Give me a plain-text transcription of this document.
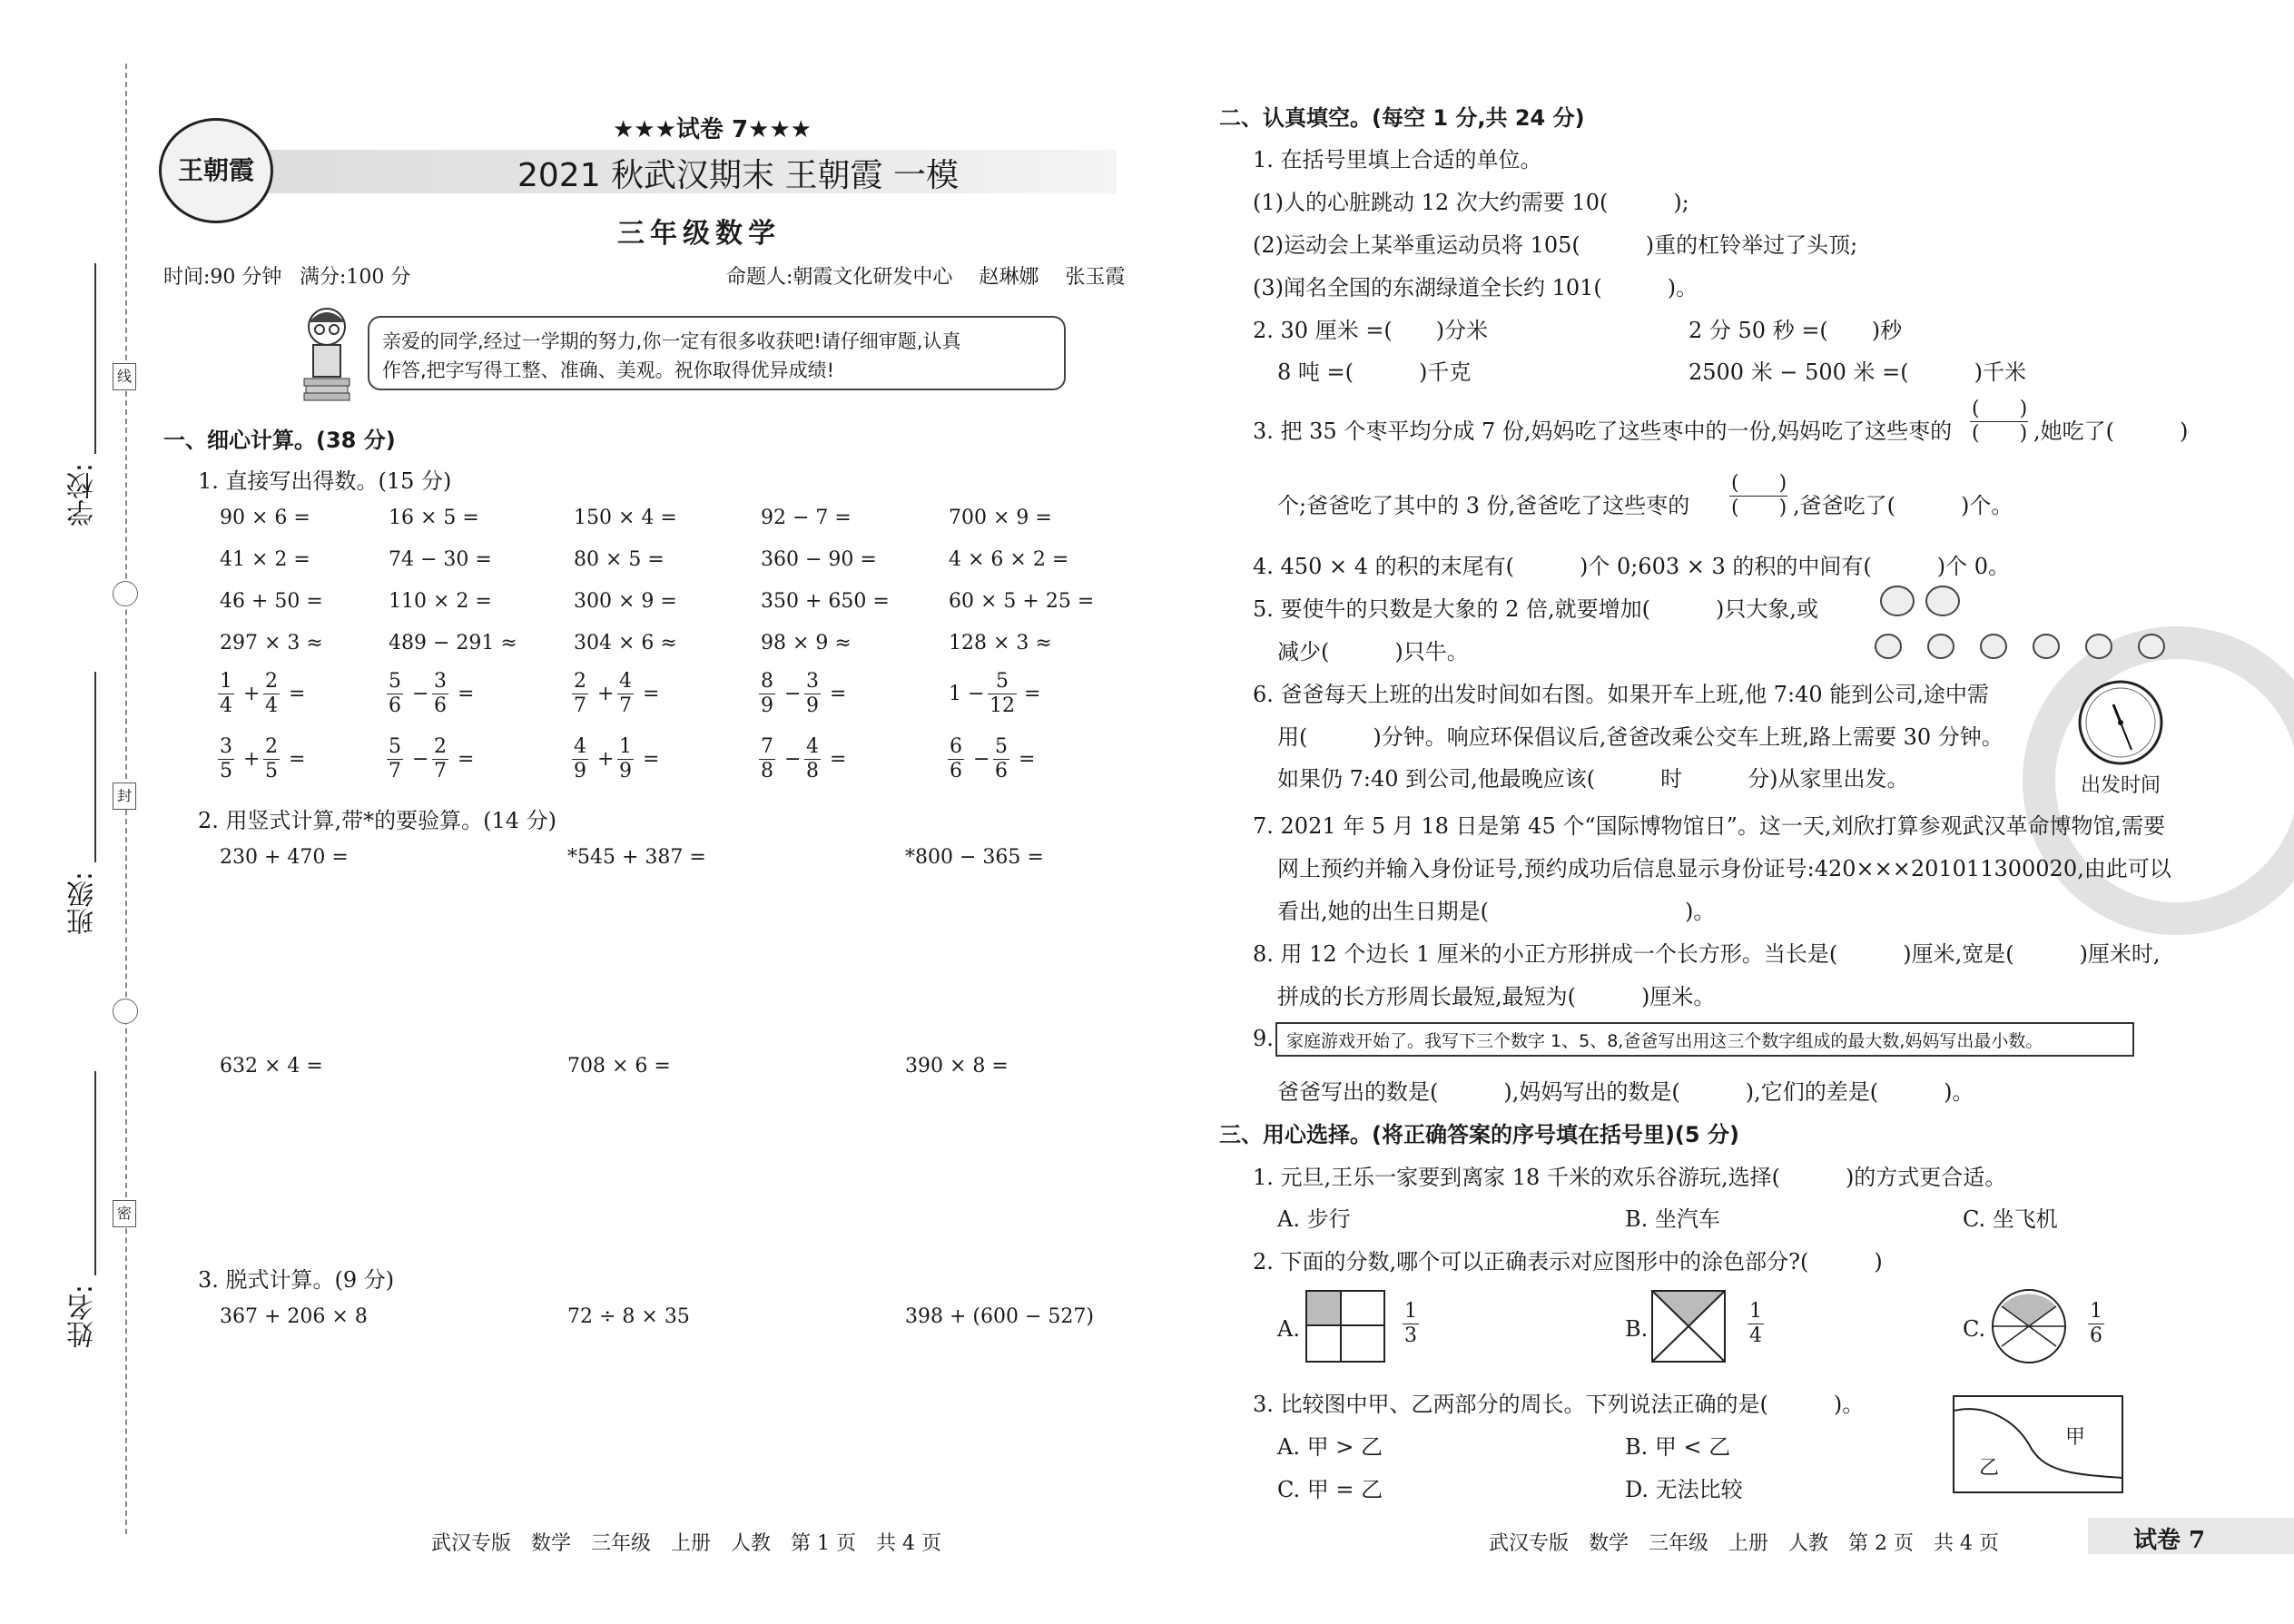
线
封
密
学校:
班级:
姓名:
王朝霞
★★★试卷 7★★★
2021 秋武汉期末 王朝霞 一模
三年级数学
时间:90 分钟 满分:100 分	命题人:朝霞文化研发中心　 赵琳娜　 张玉霞
亲爱的同学,经过一学期的努力,你一定有很多收获吧!请仔细审题,认真
作答,把字写得工整、准确、美观。祝你取得优异成绩!
一、细心计算。(38 分)
1. 直接写出得数。(15 分)
90 × 6 =	16 × 5 =	150 × 4 =	92 − 7 =	700 × 9 =
41 × 2 =	74 − 30 =	80 × 5 =	360 − 90 =	4 × 6 × 2 =
46 + 50 =	110 × 2 =	300 × 9 =	350 + 650 =	60 × 5 + 25 =
297 × 3 ≈	489 − 291 ≈	304 × 6 ≈	98 × 9 ≈	128 × 3 ≈
$\frac{1}{4} + \frac{2}{4}$ =	$\frac{5}{6} - \frac{3}{6}$ =	$\frac{2}{7} + \frac{4}{7}$ =	$\frac{8}{9} - \frac{3}{9}$ =	$1 - \frac{5}{12}$ =
$\frac{3}{5} + \frac{2}{5}$ =	$\frac{5}{7} - \frac{2}{7}$ =	$\frac{4}{9} + \frac{1}{9}$ =	$\frac{7}{8} - \frac{4}{8}$ =	$\frac{6}{6} - \frac{5}{6}$ =
2. 用竖式计算,带*的要验算。(14 分)
230 + 470 =	*545 + 387 =	*800 − 365 =
632 × 4 =	708 × 6 =	390 × 8 =
3. 脱式计算。(9 分)
367 + 206 × 8	72 ÷ 8 × 35	398 + (600 − 527)
武汉专版　数学　三年级　上册　人教　第 1 页　共 4 页
二、认真填空。(每空 1 分,共 24 分)
1. 在括号里填上合适的单位。
(1)人的心脏跳动 12 次大约需要 10(　　　);
(2)运动会上某举重运动员将 105(　　　)重的杠铃举过了头顶;
(3)闻名全国的东湖绿道全长约 101(　　　)。
2. 30 厘米 =(　　)分米	2 分 50 秒 =(　　)秒
8 吨 =(　　　)千克	2500 米 − 500 米 =(　　　)千米
3. 把 35 个枣平均分成 7 份,妈妈吃了这些枣中的一份,妈妈吃了这些枣的
(　　)
(　　) ,她吃了(　　　)
个;爸爸吃了其中的 3 份,爸爸吃了这些枣的
(　　)
(　　) ,爸爸吃了(　　　)个。
4. 450 × 4 的积的末尾有(　　　)个 0;603 × 3 的积的中间有(　　　)个 0。
5. 要使牛的只数是大象的 2 倍,就要增加(　　　)只大象,或
减少(　　　)只牛。
6. 爸爸每天上班的出发时间如右图。如果开车上班,他 7:40 能到公司,途中需
用(　　　)分钟。响应环保倡议后,爸爸改乘公交车上班,路上需要 30 分钟。
如果仍 7:40 到公司,他最晚应该(　　　时　　　分)从家里出发。	出发时间
7. 2021 年 5 月 18 日是第 45 个“国际博物馆日”。这一天,刘欣打算参观武汉革命博物馆,需要
网上预约并输入身份证号,预约成功后信息显示身份证号:420×××201011300020,由此可以
看出,她的出生日期是(　　　　　　　　　)。
8. 用 12 个边长 1 厘米的小正方形拼成一个长方形。当长是(　　　)厘米,宽是(　　　)厘米时,
拼成的长方形周长最短,最短为(　　　)厘米。
9. 家庭游戏开始了。我写下三个数字 1、5、8,爸爸写出用这三个数字组成的最大数,妈妈写出最小数。
爸爸写出的数是(　　　),妈妈写出的数是(　　　),它们的差是(　　　)。
三、用心选择。(将正确答案的序号填在括号里)(5 分)
1. 元旦,王乐一家要到离家 18 千米的欢乐谷游玩,选择(　　　)的方式更合适。
A. 步行	B. 坐汽车	C. 坐飞机
2. 下面的分数,哪个可以正确表示对应图形中的涂色部分?(　　　)
A.	$\frac{1}{3}$	B.	$\frac{1}{4}$	C.	$\frac{1}{6}$
3. 比较图中甲、乙两部分的周长。下列说法正确的是(　　　)。
A. 甲 > 乙	B. 甲 < 乙
C. 甲 = 乙	D. 无法比较
甲
乙
武汉专版　数学　三年级　上册　人教　第 2 页　共 4 页	试卷 7
